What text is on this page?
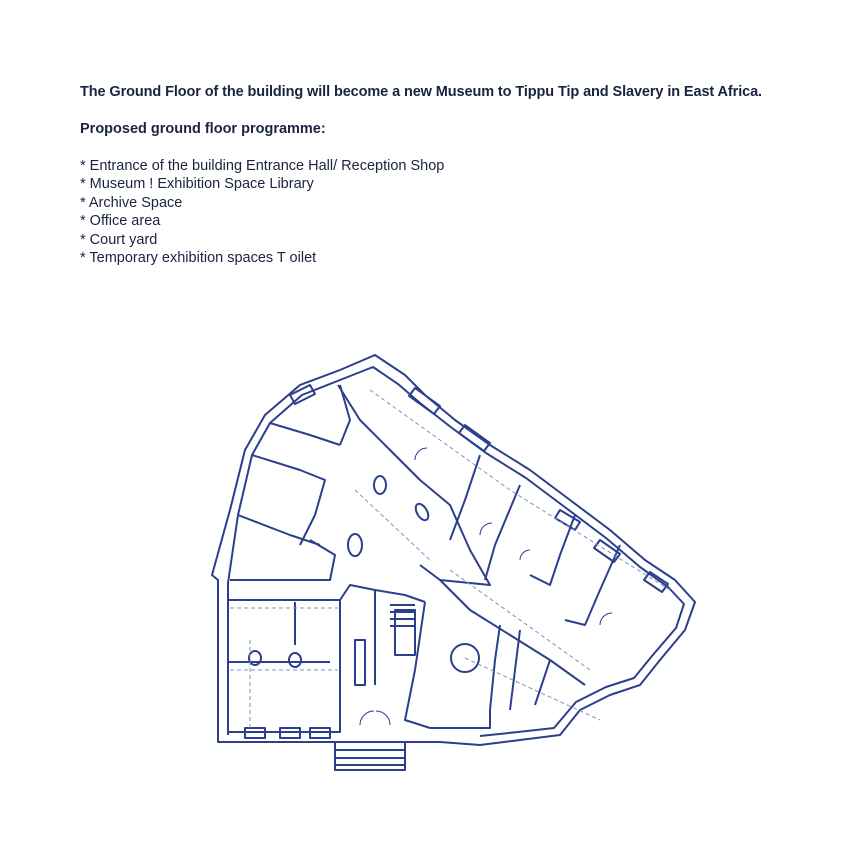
The Ground Floor of the building will become a new Museum to Tippu Tip and Slavery in East Africa.
Proposed ground floor programme:
* Entrance of the building Entrance Hall/ Reception Shop
* Museum ! Exhibition Space Library
* Archive Space
* Office area
* Court yard
* Temporary exhibition spaces T oilet
